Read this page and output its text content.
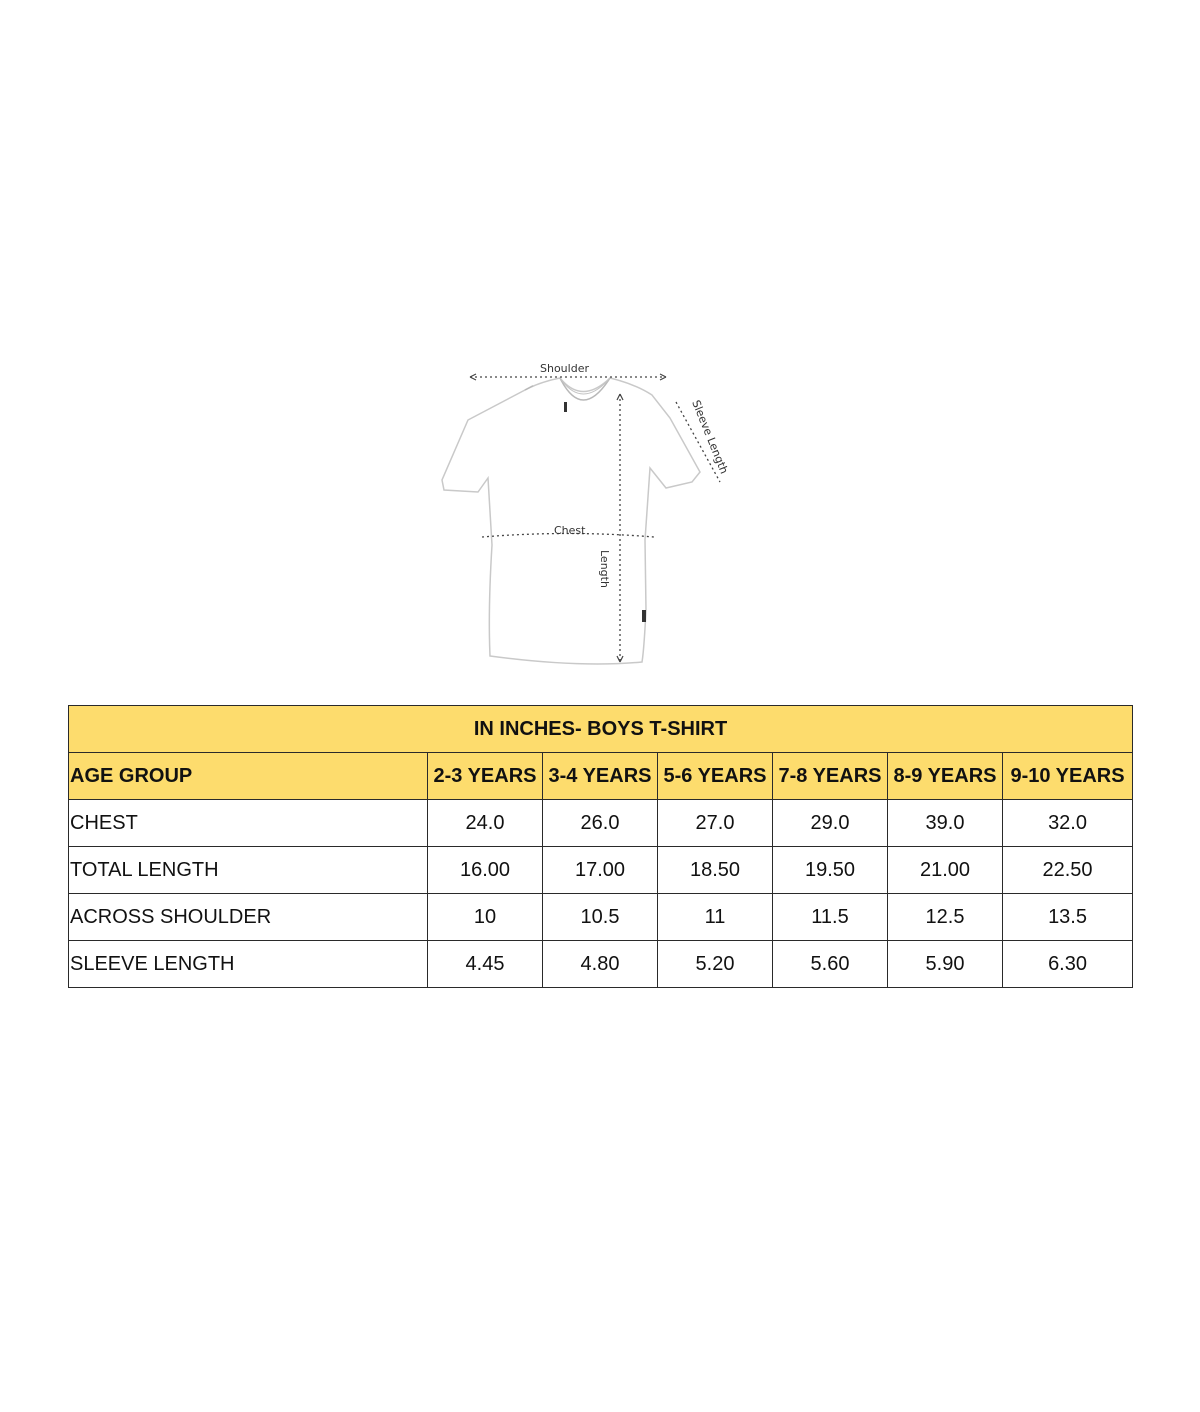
Shoulder
Sleeve Length
Length
Chest
IN INCHES- BOYS T-SHIRT						
AGE GROUP	2-3 YEARS	3-4 YEARS	5-6 YEARS	7-8 YEARS	8-9 YEARS	9-10 YEARS
CHEST	24.0	26.0	27.0	29.0	39.0	32.0
TOTAL LENGTH	16.00	17.00	18.50	19.50	21.00	22.50
ACROSS SHOULDER	10	10.5	11	11.5	12.5	13.5
SLEEVE LENGTH	4.45	4.80	5.20	5.60	5.90	6.30
